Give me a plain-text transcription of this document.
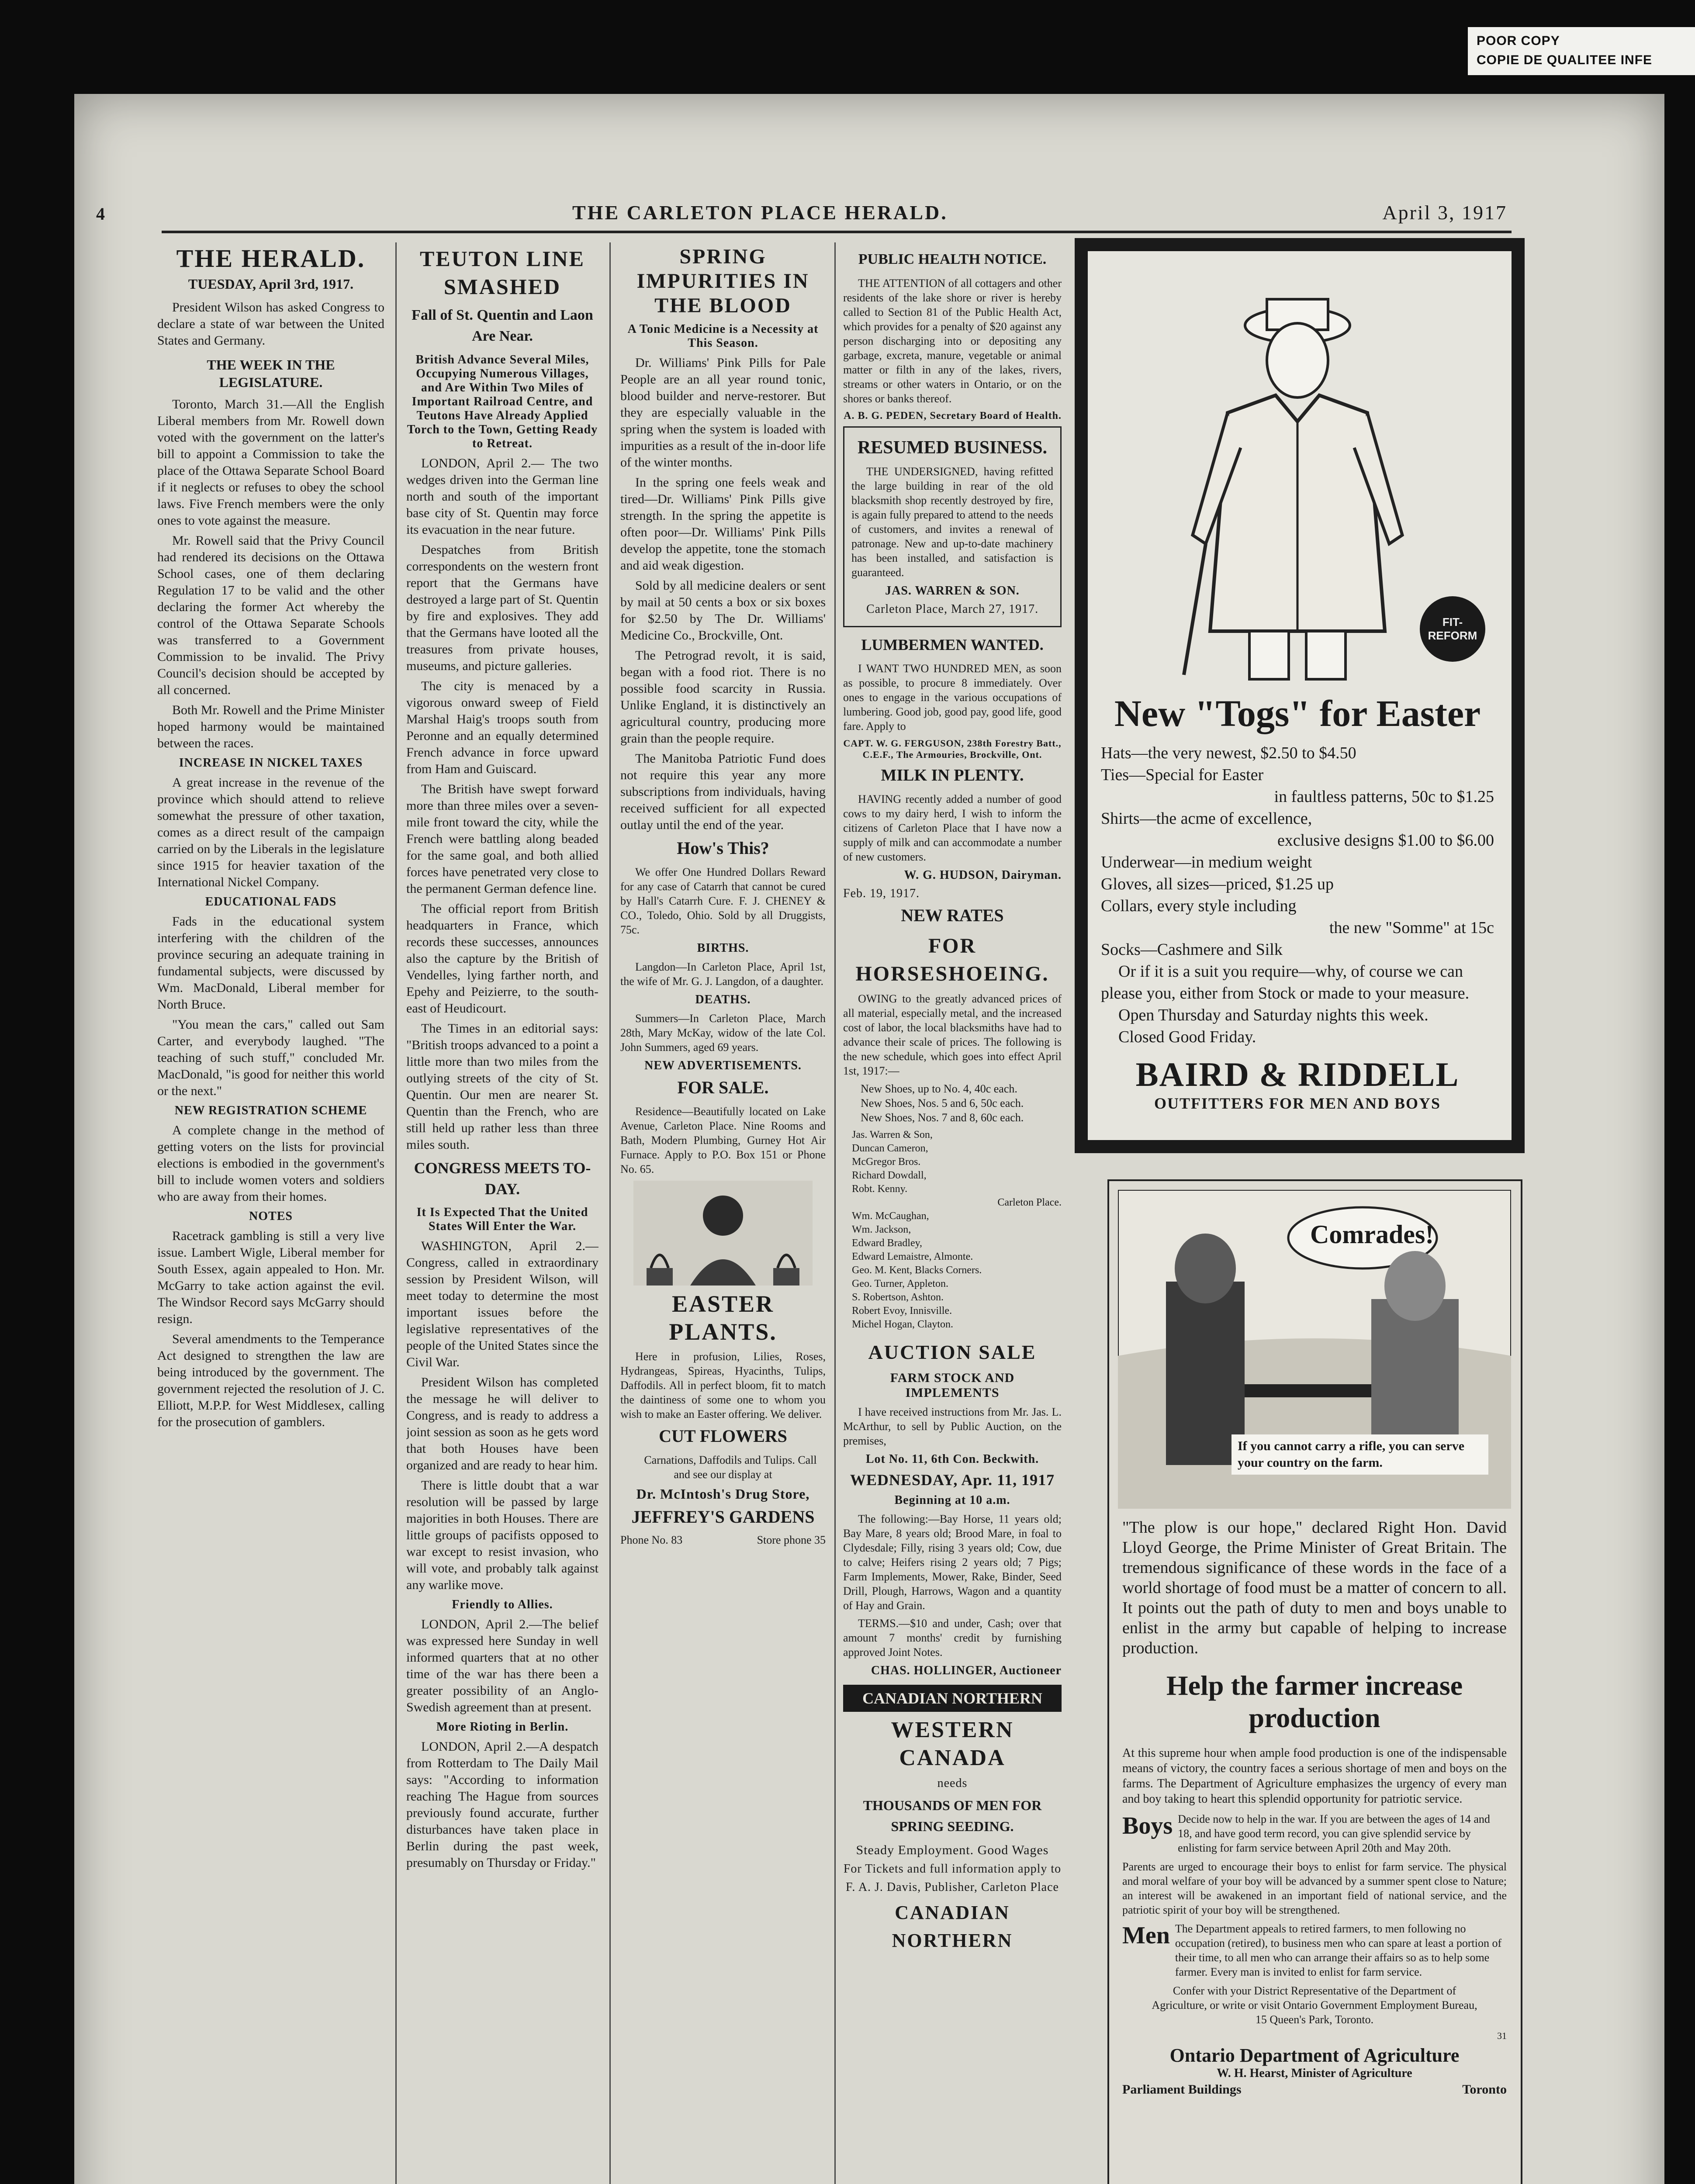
POOR COPY
COPIE DE QUALITEE INFE
4	THE CARLETON PLACE HERALD.	April 3, 1917
THE HERALD.
TUESDAY, April 3rd, 1917.

President Wilson has asked Congress to declare a state of war between the United States and Germany.

THE WEEK IN THE LEGISLATURE.

Toronto, March 31.—All the English Liberal members from Mr. Rowell down voted with the government on the latter's bill to appoint a Commission to take the place of the Ottawa Separate School Board if it neglects or refuses to obey the school laws. Five French members were the only ones to vote against the measure.

Mr. Rowell said that the Privy Council had rendered its decisions on the Ottawa School cases, one of them declaring Regulation 17 to be valid and the other declaring the former Act whereby the control of the Ottawa Separate Schools was transferred to a Government Commission to be invalid. The Privy Council's decision should be accepted by all concerned.

Both Mr. Rowell and the Prime Minister hoped harmony would be maintained between the races.

INCREASE IN NICKEL TAXES

A great increase in the revenue of the province which should attend to relieve somewhat the pressure of other taxation, comes as a direct result of the campaign carried on by the Liberals in the legislature since 1915 for heavier taxation of the International Nickel Company.

EDUCATIONAL FADS

Fads in the educational system interfering with the children of the province securing an adequate training in fundamental subjects, were discussed by Wm. MacDonald, Liberal member for North Bruce.

"You mean the cars," called out Sam Carter, and everybody laughed. "The teaching of such stuff," concluded Mr. MacDonald, "is good for neither this world or the next."

NEW REGISTRATION SCHEME

A complete change in the method of getting voters on the lists for provincial elections is embodied in the government's bill to include women voters and soldiers who are away from their homes.

NOTES

Racetrack gambling is still a very live issue. Lambert Wigle, Liberal member for South Essex, again appealed to Hon. Mr. McGarry to take action against the evil. The Windsor Record says McGarry should resign.

Several amendments to the Temperance Act designed to strengthen the law are being introduced by the government. The government rejected the resolution of J. C. Elliott, M.P.P. for West Middlesex, calling for the prosecution of gamblers.

TEUTON LINE SMASHED
Fall of St. Quentin and Laon Are Near.
British Advance Several Miles, Occupying Numerous Villages, and Are Within Two Miles of Important Railroad Centre, and Teutons Have Already Applied Torch to the Town, Getting Ready to Retreat.

LONDON, April 2.— The two wedges driven into the German line north and south of the important base city of St. Quentin may force its evacuation in the near future.

Despatches from British correspondents on the western front report that the Germans have destroyed a large part of St. Quentin by fire and explosives. They add that the Germans have looted all the treasures from private houses, museums, and picture galleries.

The city is menaced by a vigorous onward sweep of Field Marshal Haig's troops south from Peronne and an equally determined French advance in force upward from Ham and Guiscard.

The British have swept forward more than three miles over a seven-mile front toward the city, while the French were battling along beaded for the same goal, and both allied forces have penetrated very close to the permanent German defence line.

The official report from British headquarters in France, which records these successes, announces also the capture by the British of Vendelles, lying farther north, and Epehy and Peizierre, to the south-east of Heudicourt.

The Times in an editorial says: "British troops advanced to a point a little more than two miles from the outlying streets of the city of St. Quentin. Our men are nearer St. Quentin than the French, who are still held up rather less than three miles south.

CONGRESS MEETS TO-DAY.
It Is Expected That the United States Will Enter the War.

WASHINGTON, April 2.— Congress, called in extraordinary session by President Wilson, will meet today to determine the most important issues before the legislative representatives of the people of the United States since the Civil War.

President Wilson has completed the message he will deliver to Congress, and is ready to address a joint session as soon as he gets word that both Houses have been organized and are ready to hear him.

There is little doubt that a war resolution will be passed by large majorities in both Houses. There are little groups of pacifists opposed to war except to resist invasion, who will vote, and probably talk against any warlike move.

Friendly to Allies.

LONDON, April 2.—The belief was expressed here Sunday in well informed quarters that at no other time of the war has there been a greater possibility of an Anglo-Swedish agreement than at present.

More Rioting in Berlin.

LONDON, April 2.—A despatch from Rotterdam to The Daily Mail says: "According to information reaching The Hague from sources previously found accurate, further disturbances have taken place in Berlin during the past week, presumably on Thursday or Friday."

SPRING IMPURITIES IN THE BLOOD
A Tonic Medicine is a Necessity at This Season.

Dr. Williams' Pink Pills for Pale People are an all year round tonic, blood builder and nerve-restorer. But they are especially valuable in the spring when the system is loaded with impurities as a result of the in-door life of the winter months.

In the spring one feels weak and tired—Dr. Williams' Pink Pills give strength. In the spring the appetite is often poor—Dr. Williams' Pink Pills develop the appetite, tone the stomach and aid weak digestion.

Sold by all medicine dealers or sent by mail at 50 cents a box or six boxes for $2.50 by The Dr. Williams' Medicine Co., Brockville, Ont.

The Petrograd revolt, it is said, began with a food riot. There is no possible food scarcity in Russia. Unlike England, it is distinctively an agricultural country, producing more grain than the people require.

The Manitoba Patriotic Fund does not require this year any more subscriptions from individuals, having received sufficient for all expected outlay until the end of the year.

How's This?

We offer One Hundred Dollars Reward for any case of Catarrh that cannot be cured by Hall's Catarrh Cure. F. J. CHENEY & CO., Toledo, Ohio. Sold by all Druggists, 75c.

BIRTHS.

Langdon—In Carleton Place, April 1st, the wife of Mr. G. J. Langdon, of a daughter.

DEATHS.

Summers—In Carleton Place, March 28th, Mary McKay, widow of the late Col. John Summers, aged 69 years.

NEW ADVERTISEMENTS.
FOR SALE.

Residence—Beautifully located on Lake Avenue, Carleton Place. Nine Rooms and Bath, Modern Plumbing, Gurney Hot Air Furnace. Apply to P.O. Box 151 or Phone No. 65.

EASTER PLANTS.

Here in profusion, Lilies, Roses, Hydrangeas, Spireas, Hyacinths, Tulips, Daffodils. All in perfect bloom, fit to match the daintiness of some one to whom you wish to make an Easter offering. We deliver.

CUT FLOWERS

Carnations, Daffodils and Tulips. Call and see our display at

Dr. McIntosh's Drug Store,
JEFFREY'S GARDENS
Phone No. 83	Store phone 35
PUBLIC HEALTH NOTICE.

THE ATTENTION of all cottagers and other residents of the lake shore or river is hereby called to Section 81 of the Public Health Act, which provides for a penalty of $20 against any person discharging into or depositing any garbage, excreta, manure, vegetable or animal matter or filth in any of the lakes, rivers, streams or other waters in Ontario, or on the shores or banks thereof.

A. B. G. PEDEN, Secretary Board of Health.
RESUMED BUSINESS.

THE UNDERSIGNED, having refitted the large building in rear of the old blacksmith shop recently destroyed by fire, is again fully prepared to attend to the needs of customers, and invites a renewal of patronage. New and up-to-date machinery has been installed, and satisfaction is guaranteed.

JAS. WARREN & SON.
Carleton Place, March 27, 1917.
LUMBERMEN WANTED.

I WANT TWO HUNDRED MEN, as soon as possible, to procure 8 immediately. Over ones to engage in the various occupations of lumbering. Good job, good pay, good life, good fare. Apply to

CAPT. W. G. FERGUSON, 238th Forestry Batt., C.E.F., The Armouries, Brockville, Ont.
MILK IN PLENTY.

HAVING recently added a number of good cows to my dairy herd, I wish to inform the citizens of Carleton Place that I have now a supply of milk and can accommodate a number of new customers.

W. G. HUDSON, Dairyman.
Feb. 19, 1917.
NEW RATES
FOR HORSESHOEING.

OWING to the greatly advanced prices of all material, especially metal, and the increased cost of labor, the local blacksmiths have had to advance their scale of prices. The following is the new schedule, which goes into effect April 1st, 1917:—

New Shoes, up to No. 4, 40c each.
New Shoes, Nos. 5 and 6, 50c each.
New Shoes, Nos. 7 and 8, 60c each.
Jas. Warren & Son,
Duncan Cameron,
McGregor Bros.
Richard Dowdall,
Robt. Kenny.
Carleton Place.
Wm. McCaughan,
Wm. Jackson,
Edward Bradley,
Edward Lemaistre, Almonte.
Geo. M. Kent, Blacks Corners.
Geo. Turner, Appleton.
S. Robertson, Ashton.
Robert Evoy, Innisville.
Michel Hogan, Clayton.
AUCTION SALE
FARM STOCK AND IMPLEMENTS

I have received instructions from Mr. Jas. L. McArthur, to sell by Public Auction, on the premises,

Lot No. 11, 6th Con. Beckwith.
WEDNESDAY, Apr. 11, 1917
Beginning at 10 a.m.

The following:—Bay Horse, 11 years old; Bay Mare, 8 years old; Brood Mare, in foal to Clydesdale; Filly, rising 3 years old; Cow, due to calve; Heifers rising 2 years old; 7 Pigs; Farm Implements, Mower, Rake, Binder, Seed Drill, Plough, Harrows, Wagon and a quantity of Hay and Grain.

TERMS.—$10 and under, Cash; over that amount 7 months' credit by furnishing approved Joint Notes.

CHAS. HOLLINGER, Auctioneer
CANADIAN NORTHERN
WESTERN CANADA
needs
THOUSANDS OF MEN FOR SPRING SEEDING.
Steady Employment. Good Wages
For Tickets and full information apply to
F. A. J. Davis, Publisher, Carleton Place
CANADIAN NORTHERN
FIT-REFORM
New "Togs" for Easter

Hats—the very newest, $2.50 to $4.50

Ties—Special for Easter

in faultless patterns, 50c to $1.25

Shirts—the acme of excellence,

exclusive designs $1.00 to $6.00

Underwear—in medium weight

Gloves, all sizes—priced, $1.25 up

Collars, every style including

the new "Somme" at 15c

Socks—Cashmere and Silk

Or if it is a suit you require—why, of course we can please you, either from Stock or made to your measure.

Open Thursday and Saturday nights this week.

Closed Good Friday.

BAIRD & RIDDELL
OUTFITTERS FOR MEN AND BOYS
Comrades!
If you cannot carry a rifle, you can serve your country on the farm.

"The plow is our hope," declared Right Hon. David Lloyd George, the Prime Minister of Great Britain. The tremendous significance of these words in the face of a world shortage of food must be a matter of concern to all. It points out the path of duty to men and boys unable to enlist in the army but capable of helping to increase production.

Help the farmer increase production

At this supreme hour when ample food production is one of the indispensable means of victory, the country faces a serious shortage of men and boys on the farms. The Department of Agriculture emphasizes the urgency of every man and boy taking to heart this splendid opportunity for patriotic service.

Boys Decide now to help in the war. If you are between the ages of 14 and 18, and have good term record, you can give splendid service by enlisting for farm service between April 20th and May 20th.

Parents are urged to encourage their boys to enlist for farm service. The physical and moral welfare of your boy will be advanced by a summer spent close to Nature; an interest will be awakened in an important field of national service, and the patriotic spirit of your boy will be strengthened.

Men The Department appeals to retired farmers, to men following no occupation (retired), to business men who can spare at least a portion of their time, to all men who can arrange their affairs so as to help some farmer. Every man is invited to enlist for farm service.

Confer with your District Representative of the Department of Agriculture, or write or visit Ontario Government Employment Bureau, 15 Queen's Park, Toronto.

31
Ontario Department of Agriculture
W. H. Hearst, Minister of Agriculture
Parliament Buildings	Toronto
